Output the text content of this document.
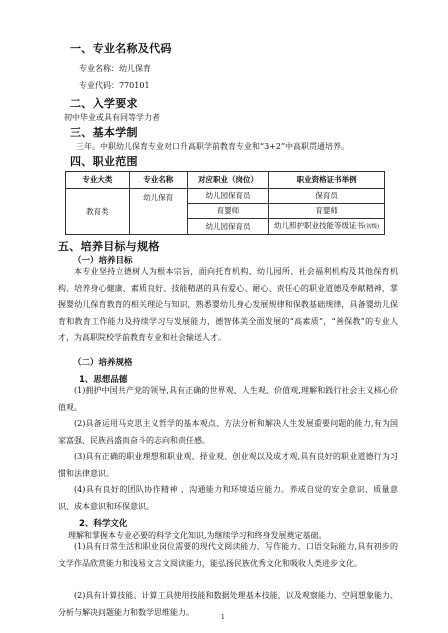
一、专业名称及代码
专业名称：幼儿保育
专业代码：770101
二、入学要求
初中毕业或具有同等学力者
三、基本学制
三年。中职幼儿保育专业对口升高职学前教育专业和“3+2”中高职贯通培养。
四、职业范围
专业大类	专业名称	对应职业（岗位）	职业资格证书举例
教育类	幼儿保育	幼儿园保育员	保育员
		育婴师	育婴师
		幼儿园保育员	幼儿照护职业技能等级证书(初级)
五、培养目标与规格
（一）培养目标
本专业坚持立德树人为根本宗旨，面向托育机构、幼儿园所、社会福利机构及其他保育机构、培养身心健康、素质良好、技能精湛的具有爱心、耐心、责任心的职业道德及奉献精神，掌握婴幼儿保育教育的相关理论与知识，熟悉婴幼儿身心发展规律和保教基础规律，具备婴幼儿保育和教育工作能力及持续学习与发展能力，德智体美全面发展的“高素质”，“善保教”的专业人才，为高职院校学前教育专业和社会输送人才。
（二）培养规格
1、思想品德
(1)拥护中国共产党的领导,具有正确的世界观、人生观、价值观,理解和践行社会主义核心价值观。
(2)具备运用马克思主义哲学的基本观点、方法分析和解决人生发展重要问题的能力,有为国家富强、民族昌盛而奋斗的志向和责任感。
(3)具有正确的职业理想和职业观、择业观、创业观以及成才观,具有良好的职业道德行为习惯和法律意识。
(4)具有良好的团队协作精神 、沟通能力和环境适应能力。养成自觉的安全意识、质量意识、成本意识和环保意识。
2、科学文化
理解和掌握本专业必要的科学文化知识,为继续学习和终身发展奠定基础。
(1)具有日常生活和职业岗位需要的现代文阅读能力、写作能力、口语交际能力,具有初步的文学作品欣赏能力和浅易文言文阅读能力，能弘扬民族优秀文化和吸收人类进步文化。
(2)具有计算技能、计算工具使用技能和数据处理基本技能，以及观察能力、空间想象能力、分析与解决问题能力和数学思维能力。
1
